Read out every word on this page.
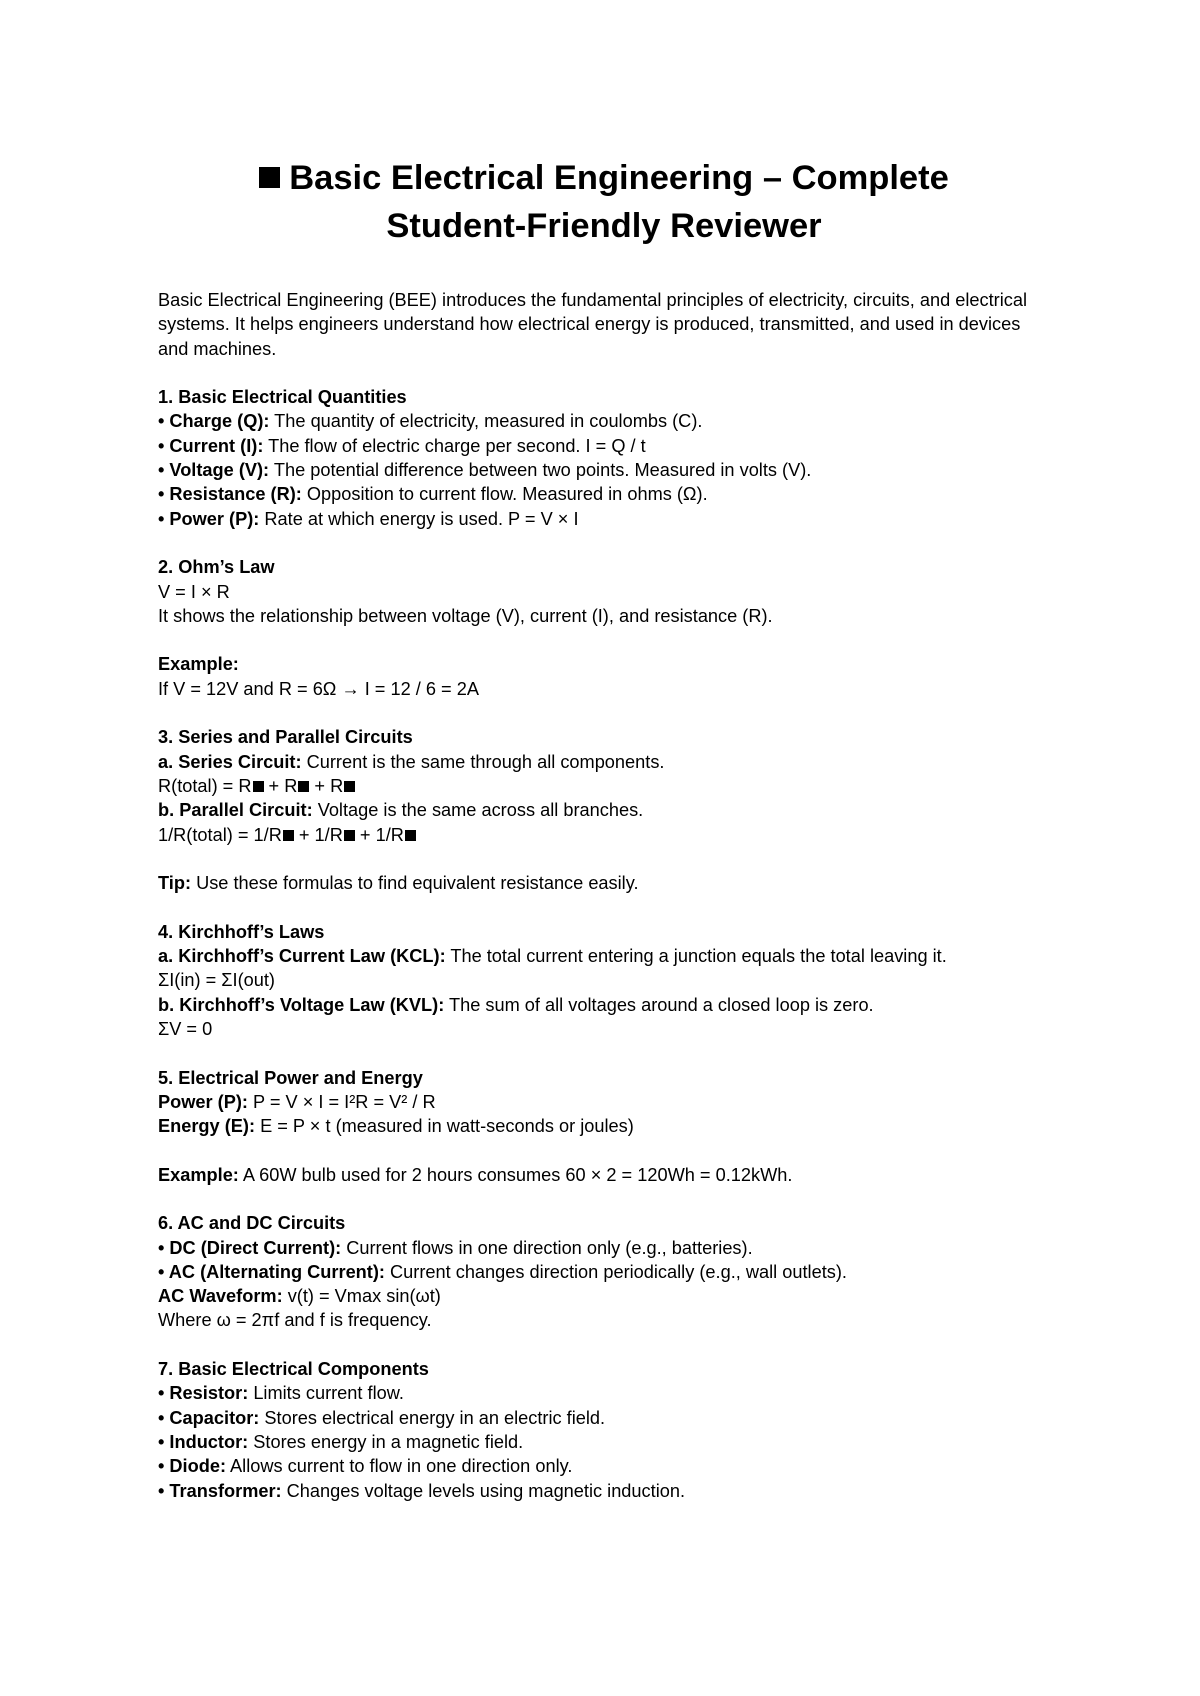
Basic Electrical Engineering – Complete
Student-Friendly Reviewer

Basic Electrical Engineering (BEE) introduces the fundamental principles of electricity, circuits, and electrical systems. It helps engineers understand how electrical energy is produced, transmitted, and used in devices and machines.

1. Basic Electrical Quantities

• Charge (Q): The quantity of electricity, measured in coulombs (C).

• Current (I): The flow of electric charge per second. I = Q / t

• Voltage (V): The potential difference between two points. Measured in volts (V).

• Resistance (R): Opposition to current flow. Measured in ohms (Ω).

• Power (P): Rate at which energy is used. P = V × I

2. Ohm’s Law

V = I × R

It shows the relationship between voltage (V), current (I), and resistance (R).

Example:

If V = 12V and R = 6Ω → I = 12 / 6 = 2A

3. Series and Parallel Circuits

a. Series Circuit: Current is the same through all components.

R(total) = R + R + R

b. Parallel Circuit: Voltage is the same across all branches.

1/R(total) = 1/R + 1/R + 1/R

Tip: Use these formulas to find equivalent resistance easily.

4. Kirchhoff’s Laws

a. Kirchhoff’s Current Law (KCL): The total current entering a junction equals the total leaving it.

ΣI(in) = ΣI(out)

b. Kirchhoff’s Voltage Law (KVL): The sum of all voltages around a closed loop is zero.

ΣV = 0

5. Electrical Power and Energy

Power (P): P = V × I = I²R = V² / R

Energy (E): E = P × t (measured in watt-seconds or joules)

Example: A 60W bulb used for 2 hours consumes 60 × 2 = 120Wh = 0.12kWh.

6. AC and DC Circuits

• DC (Direct Current): Current flows in one direction only (e.g., batteries).

• AC (Alternating Current): Current changes direction periodically (e.g., wall outlets).

AC Waveform: v(t) = Vmax sin(ωt)

Where ω = 2πf and f is frequency.

7. Basic Electrical Components

• Resistor: Limits current flow.

• Capacitor: Stores electrical energy in an electric field.

• Inductor: Stores energy in a magnetic field.

• Diode: Allows current to flow in one direction only.

• Transformer: Changes voltage levels using magnetic induction.
